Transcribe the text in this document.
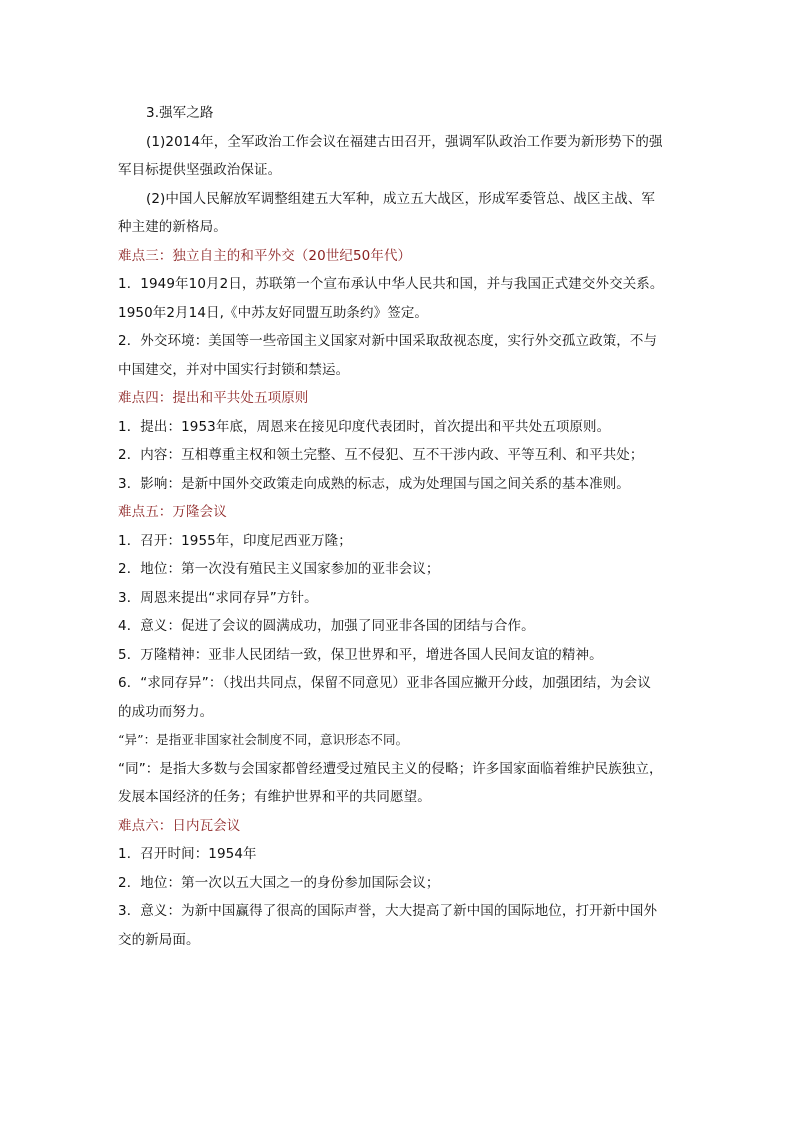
3.强军之路
(1)2014年，全军政治工作会议在福建古田召开，强调军队政治工作要为新形势下的强
军目标提供坚强政治保证。
(2)中国人民解放军调整组建五大军种，成立五大战区，形成军委管总、战区主战、军
种主建的新格局。
难点三：独立自主的和平外交（20世纪50年代）
1．1949年10月2日，苏联第一个宣布承认中华人民共和国，并与我国正式建交外交关系。
1950年2月14日,《中苏友好同盟互助条约》签定。
2．外交环境：美国等一些帝国主义国家对新中国采取敌视态度，实行外交孤立政策，不与
中国建交，并对中国实行封锁和禁运。
难点四：提出和平共处五项原则
1．提出：1953年底，周恩来在接见印度代表团时，首次提出和平共处五项原则。
2．内容：互相尊重主权和领土完整、互不侵犯、互不干涉内政、平等互利、和平共处；
3．影响：是新中国外交政策走向成熟的标志，成为处理国与国之间关系的基本准则。
难点五：万隆会议
1．召开：1955年，印度尼西亚万隆；
2．地位：第一次没有殖民主义国家参加的亚非会议；
3．周恩来提出“求同存异”方针。
4．意义：促进了会议的圆满成功，加强了同亚非各国的团结与合作。
5．万隆精神：亚非人民团结一致，保卫世界和平，增进各国人民间友谊的精神。
6．“求同存异”：（找出共同点，保留不同意见）亚非各国应撇开分歧，加强团结，为会议
的成功而努力。
“异”：是指亚非国家社会制度不同，意识形态不同。
“同”：是指大多数与会国家都曾经遭受过殖民主义的侵略；许多国家面临着维护民族独立，
发展本国经济的任务；有维护世界和平的共同愿望。
难点六：日内瓦会议
1．召开时间：1954年
2．地位：第一次以五大国之一的身份参加国际会议；
3．意义：为新中国赢得了很高的国际声誉，大大提高了新中国的国际地位，打开新中国外
交的新局面。
